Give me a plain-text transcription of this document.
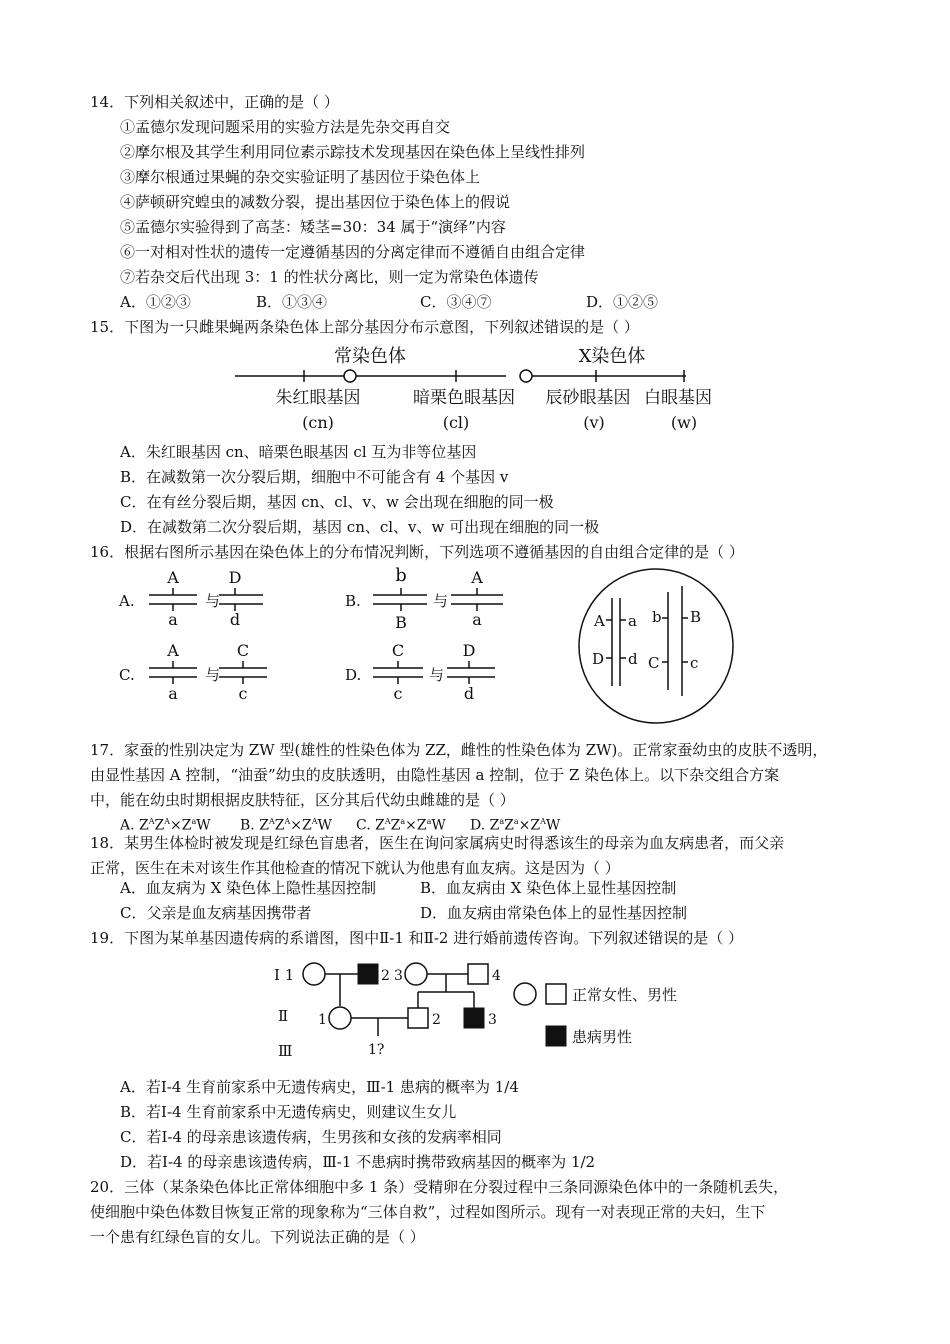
14．下列相关叙述中，正确的是（ ）
①孟德尔发现问题采用的实验方法是先杂交再自交
②摩尔根及其学生利用同位素示踪技术发现基因在染色体上呈线性排列
③摩尔根通过果蝇的杂交实验证明了基因位于染色体上
④萨顿研究蝗虫的减数分裂，提出基因位于染色体上的假说
⑤孟德尔实验得到了高茎：矮茎=30：34 属于“演绎”内容
⑥一对相对性状的遗传一定遵循基因的分离定律而不遵循自由组合定律
⑦若杂交后代出现 3：1 的性状分离比，则一定为常染色体遗传
A．①②③	B．①③④	C．③④⑦	D．①②⑤
15．下图为一只雌果蝇两条染色体上部分基因分布示意图，下列叙述错误的是（ ）
常染色体	X染色体
朱红眼基因	暗栗色眼基因 辰砂眼基因 白眼基因
(cn)	(cl)	(v)	(w)
A．朱红眼基因 cn、暗栗色眼基因 cl 互为非等位基因
B．在减数第一次分裂后期，细胞中不可能含有 4 个基因 v
C．在有丝分裂后期，基因 cn、cl、v、w 会出现在细胞的同一极
D．在减数第二次分裂后期，基因 cn、cl、v、w 可出现在细胞的同一极
16．根据右图所示基因在染色体上的分布情况判断，下列选项不遵循基因的自由组合定律的是（ ）
A.
A
a
与
D
d
B.
b
B
与
A
a
C.
A
a
与
C
c
D.
C
c
与
D
d
A
D
a
d
b
C
B
c
17．家蚕的性别决定为 ZW 型(雄性的性染色体为 ZZ，雌性的性染色体为 ZW)。正常家蚕幼虫的皮肤不透明，
由显性基因 A 控制，“油蚕”幼虫的皮肤透明，由隐性基因 a 控制，位于 Z 染色体上。以下杂交组合方案
中，能在幼虫时期根据皮肤特征，区分其后代幼虫雌雄的是（ ）
A. $Z^AZ^A\times Z^aW$ B. $Z^AZ^A\times Z^AW$ C. $Z^AZ^a\times Z^aW$ D. $Z^aZ^a\times Z^AW$
18．某男生体检时被发现是红绿色盲患者，医生在询问家属病史时得悉该生的母亲为血友病患者，而父亲
正常，医生在未对该生作其他检查的情况下就认为他患有血友病。这是因为（ ）
A．血友病为 X 染色体上隐性基因控制	B．血友病由 X 染色体上显性基因控制
C．父亲是血友病基因携带者	D．血友病由常染色体上的显性基因控制
19．下图为某单基因遗传病的系谱图，图中Ⅱ-1 和Ⅱ-2 进行婚前遗传咨询。下列叙述错误的是（ ）
Ⅰ 1
Ⅱ
Ⅲ
2 3	4
1	2	3
1?
正常女性、男性
患病男性
A．若Ⅰ-4 生育前家系中无遗传病史，Ⅲ-1 患病的概率为 1/4
B．若Ⅰ-4 生育前家系中无遗传病史，则建议生女儿
C．若Ⅰ-4 的母亲患该遗传病，生男孩和女孩的发病率相同
D．若Ⅰ-4 的母亲患该遗传病，Ⅲ-1 不患病时携带致病基因的概率为 1/2
20．三体（某条染色体比正常体细胞中多 1 条）受精卵在分裂过程中三条同源染色体中的一条随机丢失，
使细胞中染色体数目恢复正常的现象称为“三体自救”，过程如图所示。现有一对表现正常的夫妇，生下
一个患有红绿色盲的女儿。下列说法正确的是（ ）
